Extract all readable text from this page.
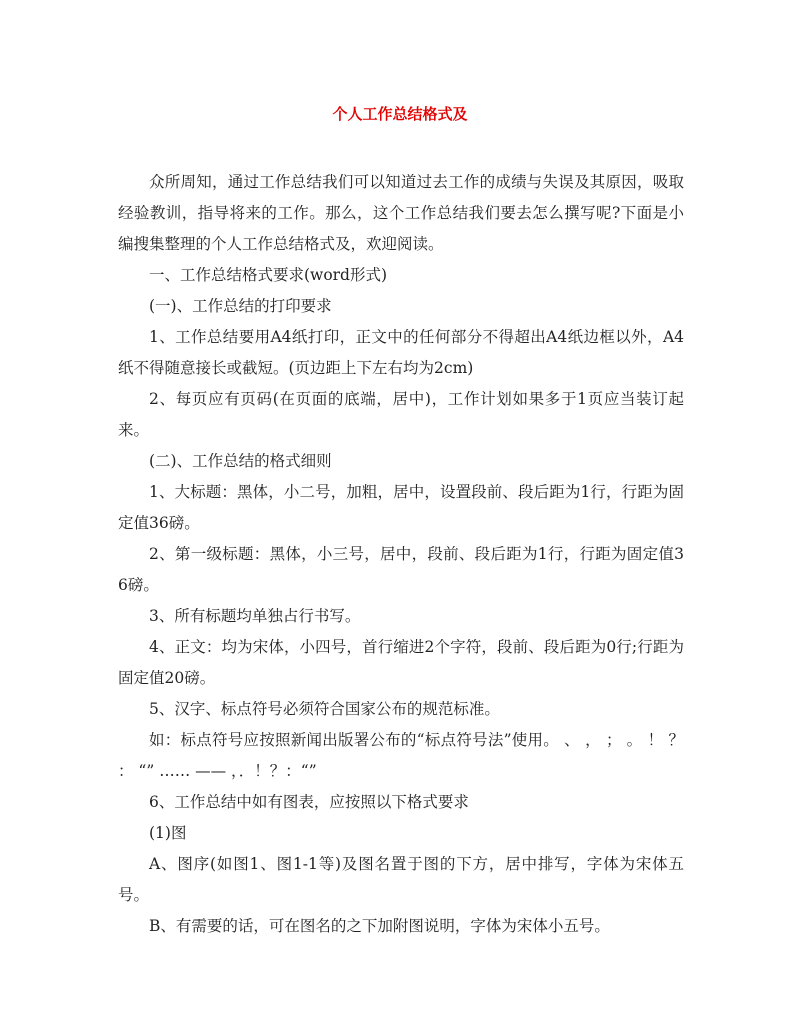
个人工作总结格式及

众所周知，通过工作总结我们可以知道过去工作的成绩与失误及其原因，吸取经验教训，指导将来的工作。那么，这个工作总结我们要去怎么撰写呢?下面是小编搜集整理的个人工作总结格式及，欢迎阅读。

一、工作总结格式要求(word形式)

(一)、工作总结的打印要求

1、工作总结要用A4纸打印，正文中的任何部分不得超出A4纸边框以外，A4纸不得随意接长或截短。(页边距上下左右均为2cm)

2、每页应有页码(在页面的底端，居中)，工作计划如果多于1页应当装订起来。

(二)、工作总结的格式细则

1、大标题：黑体，小二号，加粗，居中，设置段前、段后距为1行，行距为固定值36磅。

2、第一级标题：黑体，小三号，居中，段前、段后距为1行，行距为固定值36磅。

3、所有标题均单独占行书写。

4、正文：均为宋体，小四号，首行缩进2个字符，段前、段后距为0行;行距为固定值20磅。

5、汉字、标点符号必须符合国家公布的规范标准。

如：标点符号应按照新闻出版署公布的“标点符号法”使用。 、 ， ； 。 ！ ？ ： “” …… —— ，．！？：“”

6、工作总结中如有图表，应按照以下格式要求

(1)图

A、图序(如图1、图1-1等)及图名置于图的下方，居中排写，字体为宋体五号。

B、有需要的话，可在图名的之下加附图说明，字体为宋体小五号。
